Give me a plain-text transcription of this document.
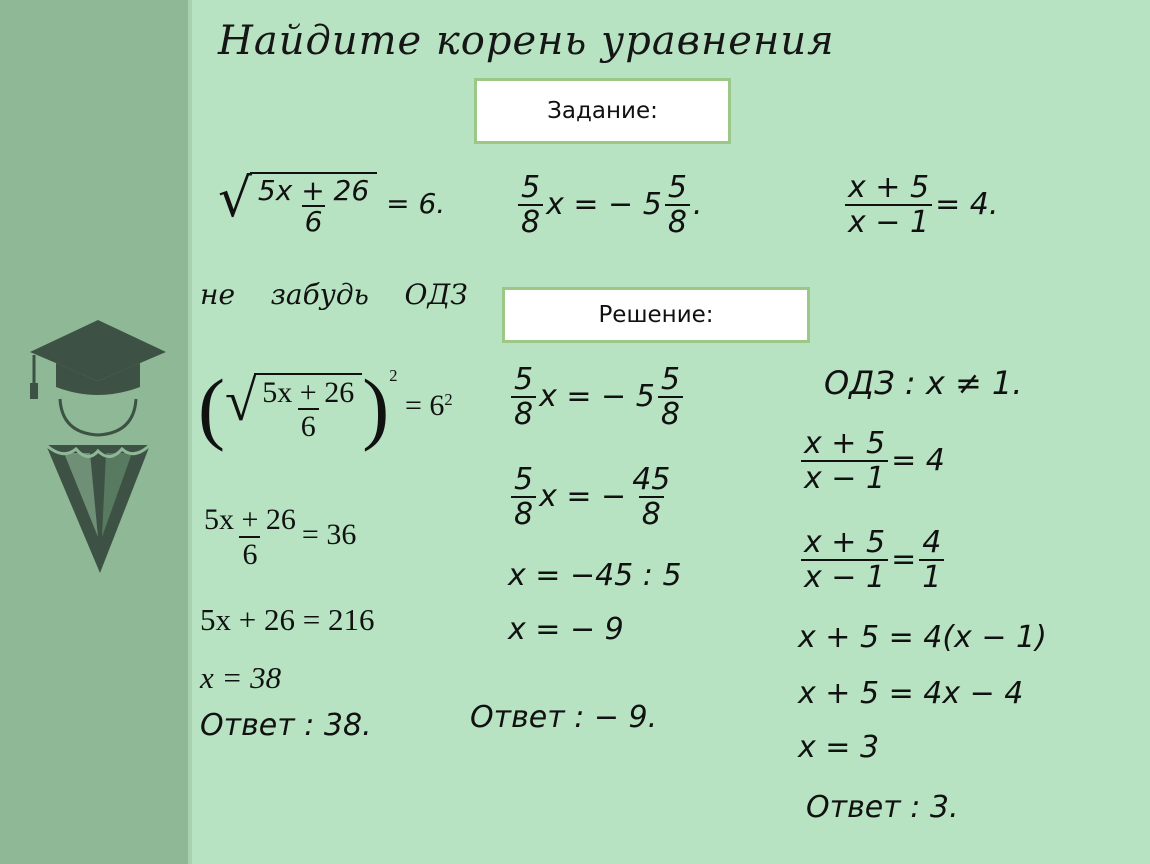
Найдите корень уравнения
Задание:
Решение:
√ $\frac{5x + 26}{6} = 6$. $\frac{5}{8}$ x = − $5 \frac{5}{8}$ .	$\frac{x + 5}{x - 1} = 4$.
не    забудь    ОДЗ
( √ $\frac{5x + 26}{6} )^2 = 6^2$
$\frac{5x + 26}{6} = 36$
5x + 26 = 216
x = 38
Ответ : 38.
$\frac{5}{8}$ x = − $5 \frac{5}{8}$
$\frac{5}{8}$ x = − $\frac{45}{8}$
x = −45 : 5
x = − 9
Ответ : − 9.
ОДЗ : x ≠ 1.
$\frac{x + 5}{x - 1} = 4$
$\frac{x + 5}{x - 1} = \frac{4}{1}$
x + 5 = 4(x − 1)
x + 5 = 4x − 4
x = 3
Ответ : 3.
